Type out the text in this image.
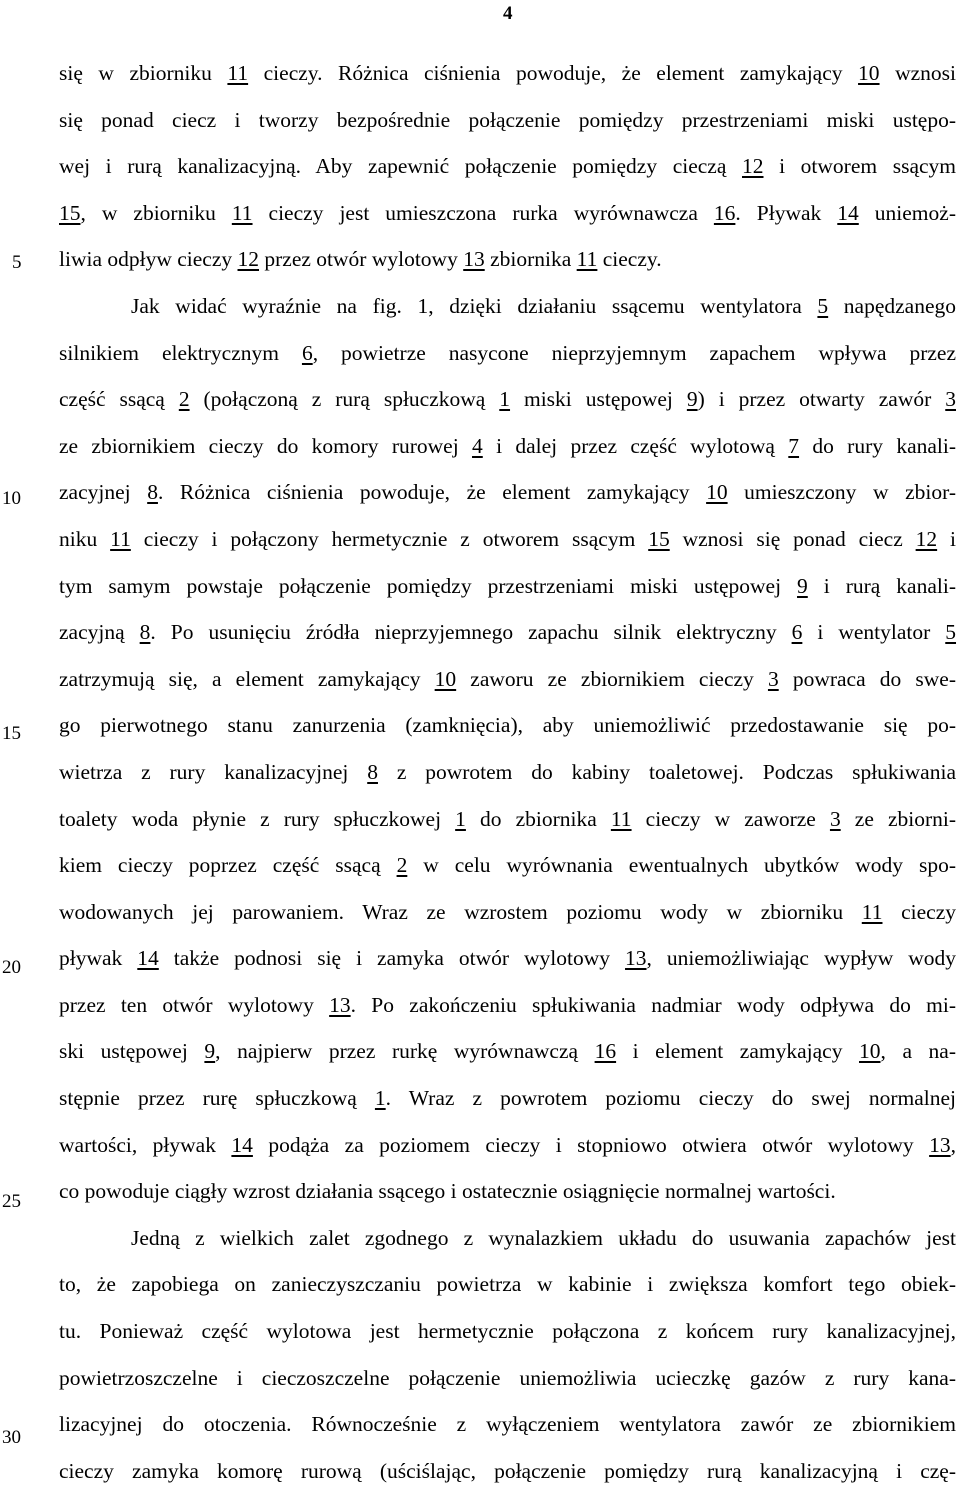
4
5
10
15
20
25
30
się w zbiorniku 11 cieczy. Różnica ciśnienia powoduje, że element zamykający 10 wznosi
się ponad ciecz i tworzy bezpośrednie połączenie pomiędzy przestrzeniami miski ustępo-
wej i rurą kanalizacyjną. Aby zapewnić połączenie pomiędzy cieczą 12 i otworem ssącym
15, w zbiorniku 11 cieczy jest umieszczona rurka wyrównawcza 16. Pływak 14 uniemoż-
liwia odpływ cieczy 12 przez otwór wylotowy 13 zbiornika 11 cieczy.
Jak widać wyraźnie na fig. 1, dzięki działaniu ssącemu wentylatora 5 napędzanego
silnikiem elektrycznym 6, powietrze nasycone nieprzyjemnym zapachem wpływa przez
część ssącą 2 (połączoną z rurą spłuczkową 1 miski ustępowej 9) i przez otwarty zawór 3
ze zbiornikiem cieczy do komory rurowej 4 i dalej przez część wylotową 7 do rury kanali-
zacyjnej 8. Różnica ciśnienia powoduje, że element zamykający 10 umieszczony w zbior-
niku 11 cieczy i połączony hermetycznie z otworem ssącym 15 wznosi się ponad ciecz 12 i
tym samym powstaje połączenie pomiędzy przestrzeniami miski ustępowej 9 i rurą kanali-
zacyjną 8. Po usunięciu źródła nieprzyjemnego zapachu silnik elektryczny 6 i wentylator 5
zatrzymują się, a element zamykający 10 zaworu ze zbiornikiem cieczy 3 powraca do swe-
go pierwotnego stanu zanurzenia (zamknięcia), aby uniemożliwić przedostawanie się po-
wietrza z rury kanalizacyjnej 8 z powrotem do kabiny toaletowej. Podczas spłukiwania
toalety woda płynie z rury spłuczkowej 1 do zbiornika 11 cieczy w zaworze 3 ze zbiorni-
kiem cieczy poprzez część ssącą 2 w celu wyrównania ewentualnych ubytków wody spo-
wodowanych jej parowaniem. Wraz ze wzrostem poziomu wody w zbiorniku 11 cieczy
pływak 14 także podnosi się i zamyka otwór wylotowy 13, uniemożliwiając wypływ wody
przez ten otwór wylotowy 13. Po zakończeniu spłukiwania nadmiar wody odpływa do mi-
ski ustępowej 9, najpierw przez rurkę wyrównawczą 16 i element zamykający 10, a na-
stępnie przez rurę spłuczkową 1. Wraz z powrotem poziomu cieczy do swej normalnej
wartości, pływak 14 podąża za poziomem cieczy i stopniowo otwiera otwór wylotowy 13,
co powoduje ciągły wzrost działania ssącego i ostatecznie osiągnięcie normalnej wartości.
Jedną z wielkich zalet zgodnego z wynalazkiem układu do usuwania zapachów jest
to, że zapobiega on zanieczyszczaniu powietrza w kabinie i zwiększa komfort tego obiek-
tu. Ponieważ część wylotowa jest hermetycznie połączona z końcem rury kanalizacyjnej,
powietrzoszczelne i cieczoszczelne połączenie uniemożliwia ucieczkę gazów z rury kana-
lizacyjnej do otoczenia. Równocześnie z wyłączeniem wentylatora zawór ze zbiornikiem
cieczy zamyka komorę rurową (uściślając, połączenie pomiędzy rurą kanalizacyjną i czę-
